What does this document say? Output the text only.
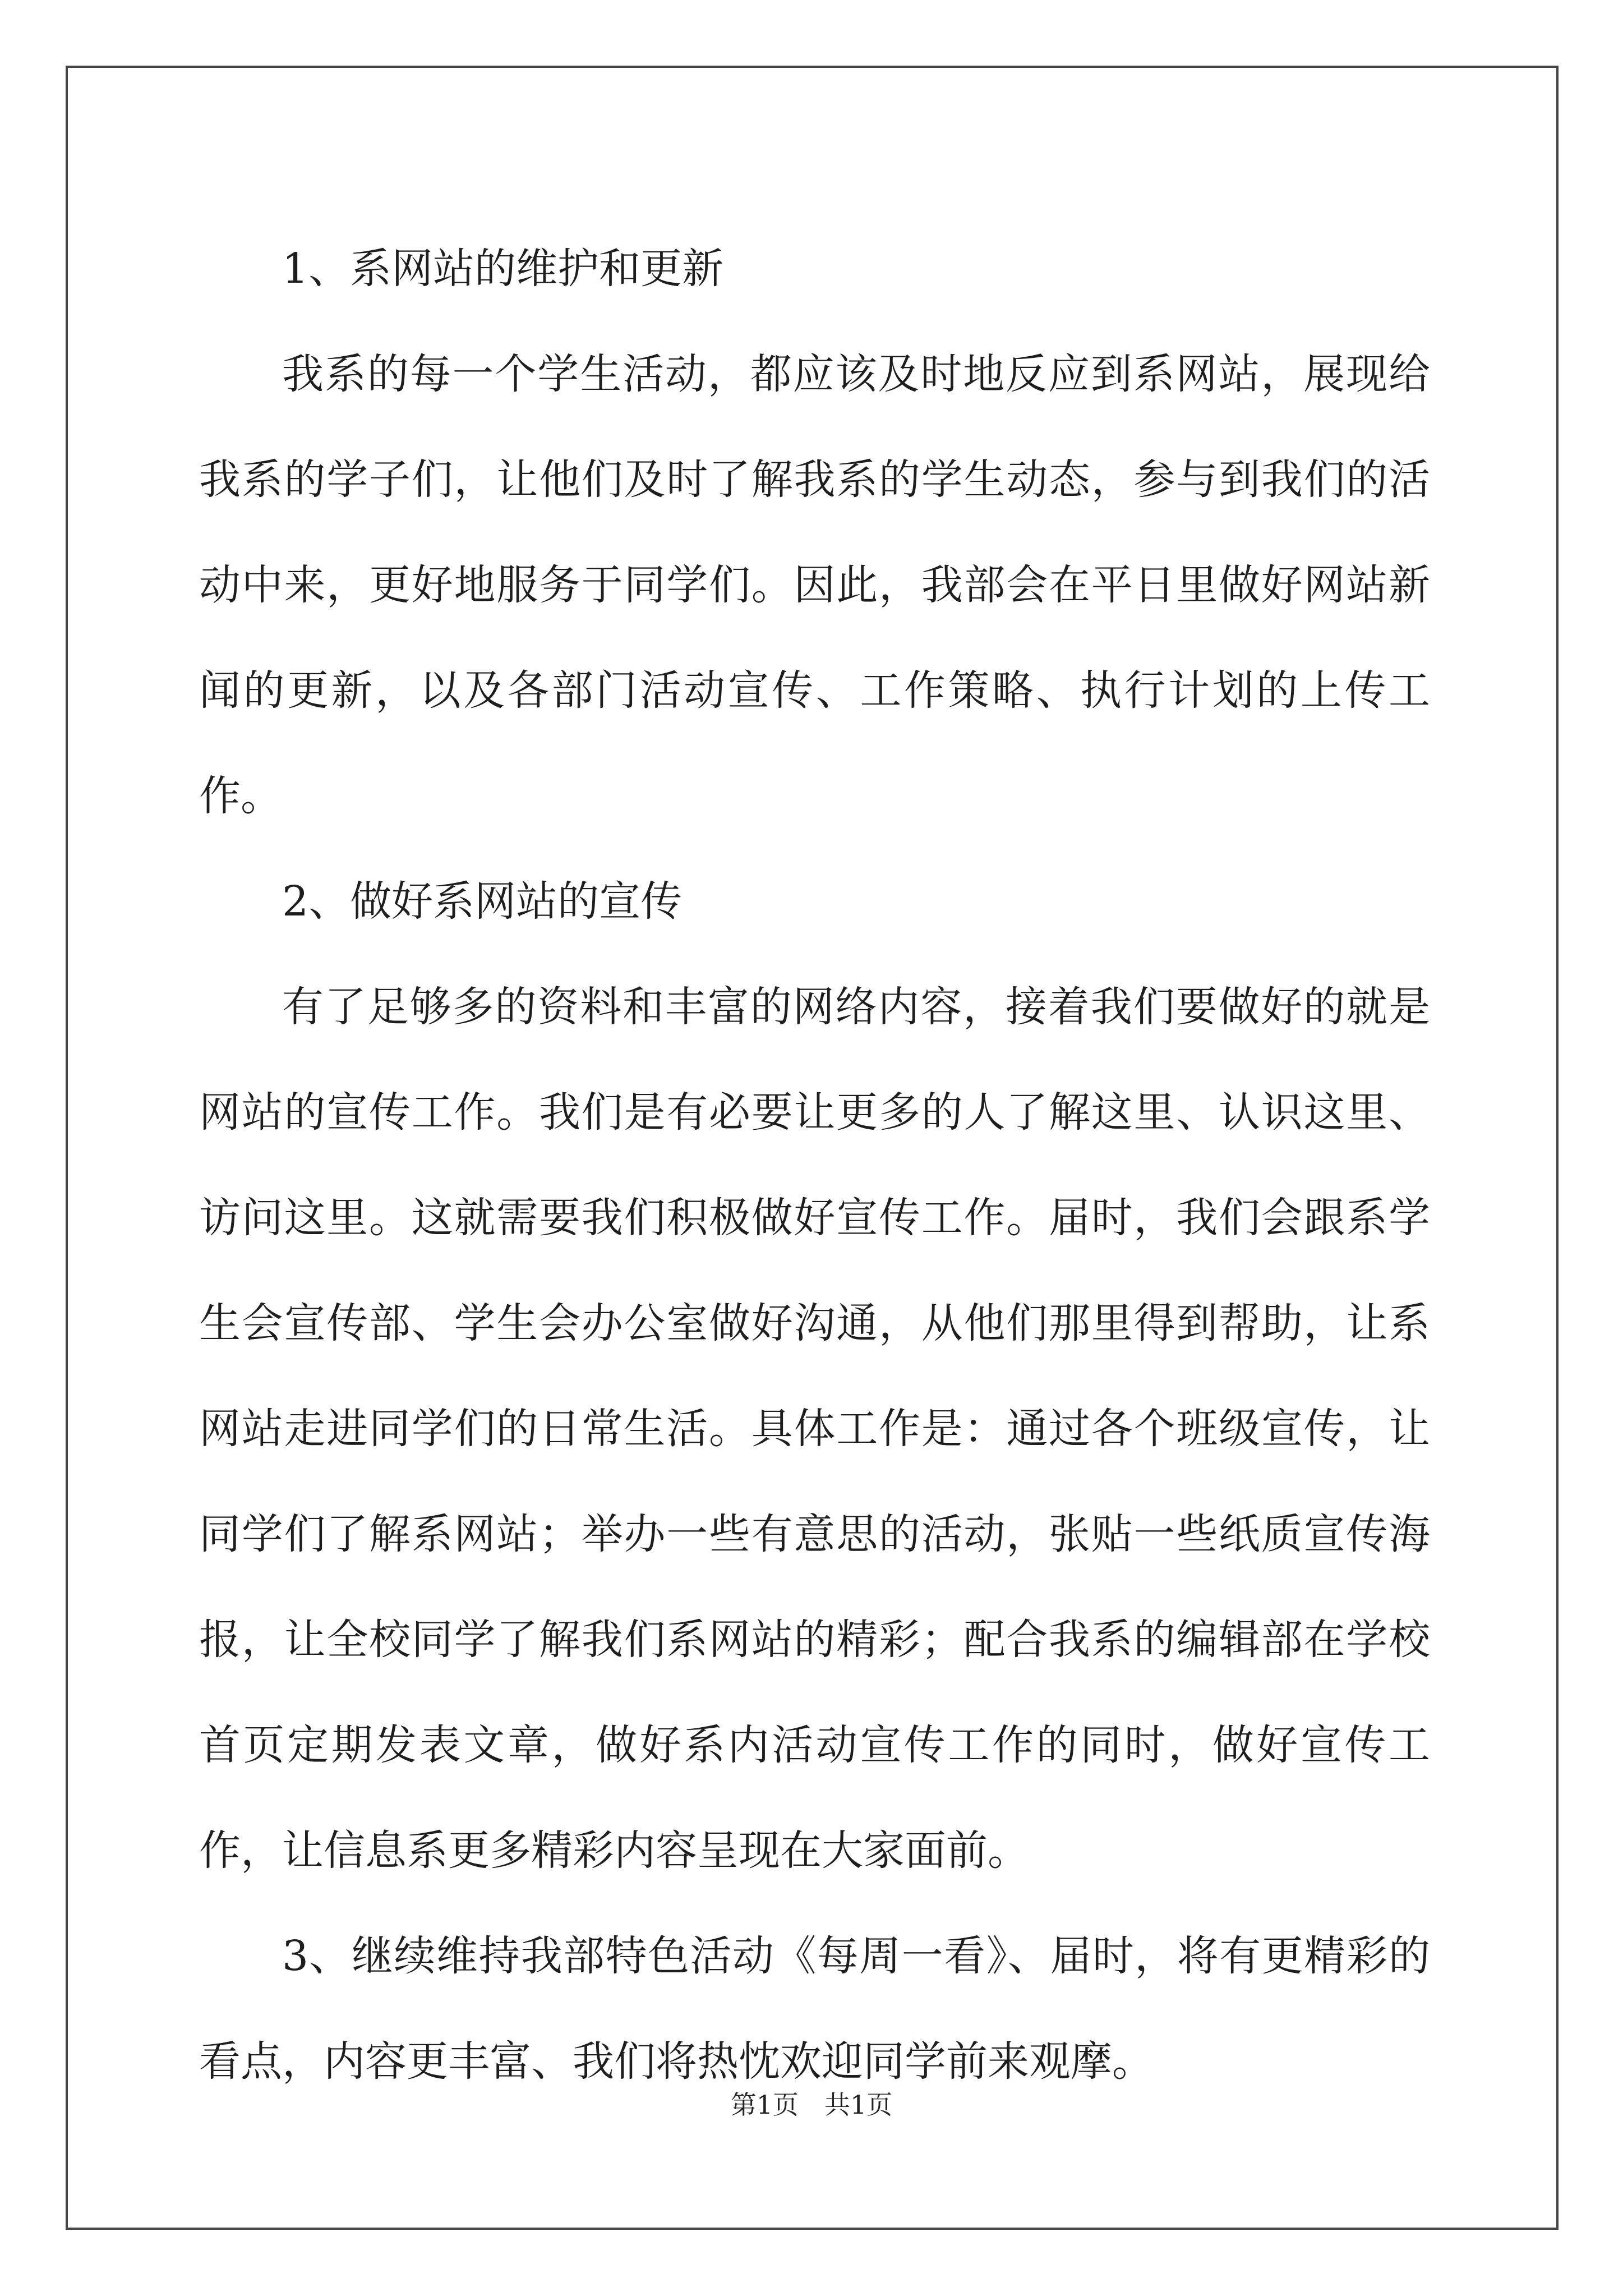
1、系网站的维护和更新

我系的每一个学生活动，都应该及时地反应到系网站，展现给我系的学子们，让他们及时了解我系的学生动态，参与到我们的活动中来，更好地服务于同学们。因此，我部会在平日里做好网站新闻的更新，以及各部门活动宣传、工作策略、执行计划的上传工作。

2、做好系网站的宣传

有了足够多的资料和丰富的网络内容，接着我们要做好的就是网站的宣传工作。我们是有必要让更多的人了解这里、认识这里、访问这里。这就需要我们积极做好宣传工作。届时，我们会跟系学生会宣传部、学生会办公室做好沟通，从他们那里得到帮助，让系网站走进同学们的日常生活。具体工作是：通过各个班级宣传，让同学们了解系网站；举办一些有意思的活动，张贴一些纸质宣传海报，让全校同学了解我们系网站的精彩；配合我系的编辑部在学校首页定期发表文章，做好系内活动宣传工作的同时，做好宣传工作，让信息系更多精彩内容呈现在大家面前。

3、继续维持我部特色活动《每周一看》、届时，将有更精彩的看点，内容更丰富、我们将热忱欢迎同学前来观摩。

第1页　共1页
